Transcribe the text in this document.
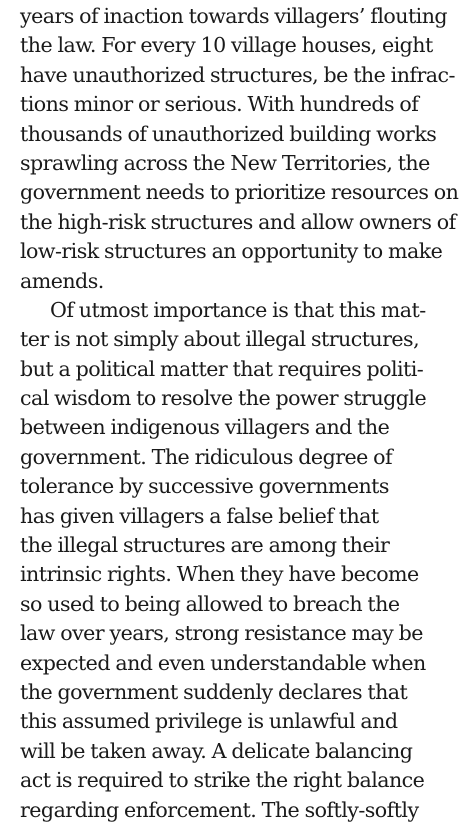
years of inaction towards villagers’ flouting
the law. For every 10 village houses, eight
have unauthorized structures, be the infrac-
tions minor or serious. With hundreds of
thousands of unauthorized building works
sprawling across the New Territories, the
government needs to prioritize resources on
the high-risk structures and allow owners of
low-risk structures an opportunity to make
amends.
Of utmost importance is that this mat-
ter is not simply about illegal structures,
but a political matter that requires politi-
cal wisdom to resolve the power struggle
between indigenous villagers and the
government. The ridiculous degree of
tolerance by successive governments
has given villagers a false belief that
the illegal structures are among their
intrinsic rights. When they have become
so used to being allowed to breach the
law over years, strong resistance may be
expected and even understandable when
the government suddenly declares that
this assumed privilege is unlawful and
will be taken away. A delicate balancing
act is required to strike the right balance
regarding enforcement. The softly-softly
